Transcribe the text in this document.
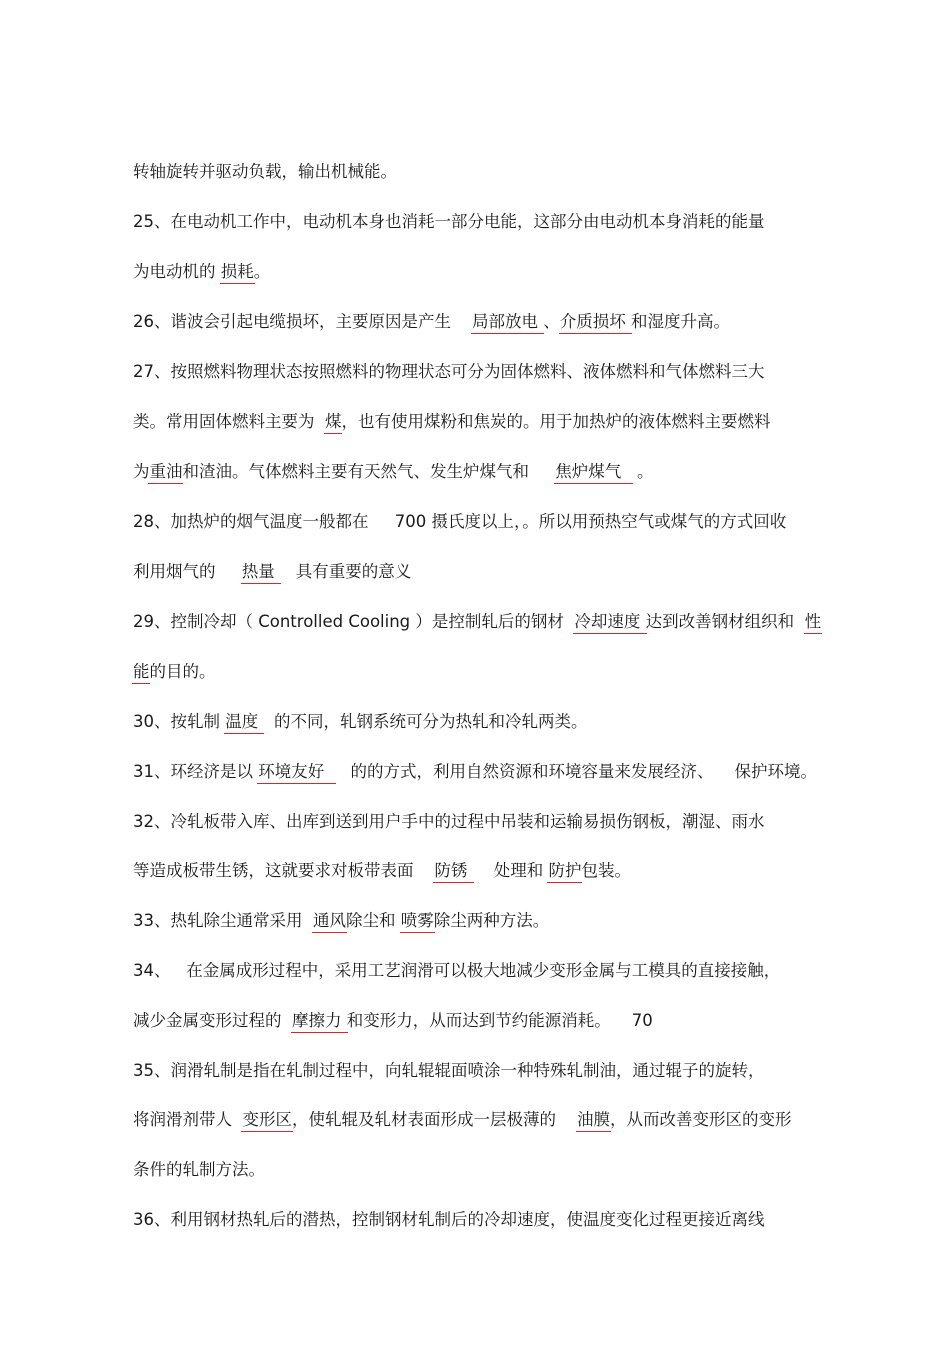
转轴旋转并驱动负载，输出机械能。

25、在电动机工作中，电动机本身也消耗一部分电能，这部分由电动机本身消耗的能量

为电动机的 损耗。

26、谐波会引起电缆损坏，主要原因是产生    局部放电 、介质损坏 和湿度升高。

27、按照燃料物理状态按照燃料的物理状态可分为固体燃料、液体燃料和气体燃料三大

类。常用固体燃料主要为  煤，也有使用煤粉和焦炭的。用于加热炉的液体燃料主要燃料

为重油和渣油。气体燃料主要有天然气、发生炉煤气和     焦炉煤气   。

28、加热炉的烟气温度一般都在     700 摄氏度以上，。所以用预热空气或煤气的方式回收

利用烟气的     热量    具有重要的意义

29、控制冷却（ Controlled Cooling ）是控制轧后的钢材  冷却速度 达到改善钢材组织和  性

能的目的。

30、按轧制 温度   的不同，轧钢系统可分为热轧和冷轧两类。

31、环经济是以 环境友好     的的方式，利用自然资源和环境容量来发展经济、    保护环境。

32、冷轧板带入库、出库到送到用户手中的过程中吊装和运输易损伤钢板，潮湿、雨水

等造成板带生锈，这就要求对板带表面    防锈     处理和 防护包装。

33、热轧除尘通常采用  通风除尘和 喷雾除尘两种方法。

34、   在金属成形过程中，采用工艺润滑可以极大地减少变形金属与工模具的直接接触，

减少金属变形过程的  摩擦力 和变形力，从而达到节约能源消耗。    70

35、润滑轧制是指在轧制过程中，向轧辊辊面喷涂一种特殊轧制油，通过辊子的旋转，

将润滑剂带人  变形区，使轧辊及轧材表面形成一层极薄的    油膜，从而改善变形区的变形

条件的轧制方法。

36、利用钢材热轧后的潜热，控制钢材轧制后的冷却速度，使温度变化过程更接近离线
